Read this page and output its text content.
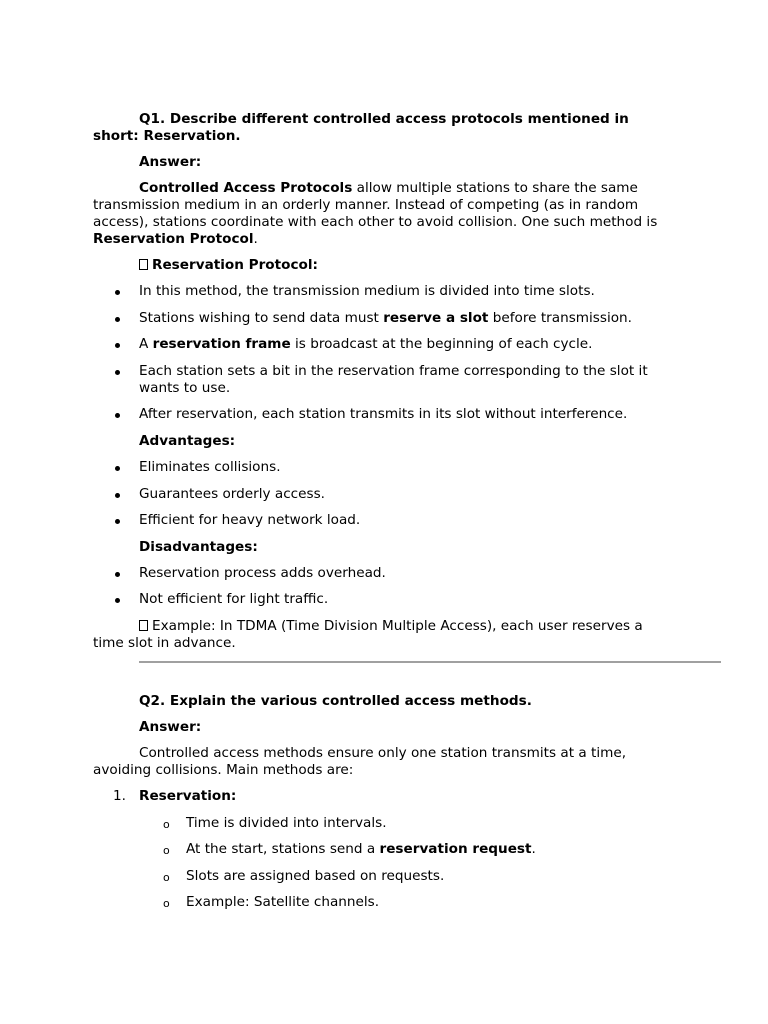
Q1. Describe different controlled access protocols mentioned in short: Reservation.

Answer:

Controlled Access Protocols allow multiple stations to share the same transmission medium in an orderly manner. Instead of competing (as in random access), stations coordinate with each other to avoid collision. One such method is Reservation Protocol.

Reservation Protocol:

In this method, the transmission medium is divided into time slots.
Stations wishing to send data must reserve a slot before transmission.
A reservation frame is broadcast at the beginning of each cycle.
Each station sets a bit in the reservation frame corresponding to the slot it wants to use.
After reservation, each station transmits in its slot without interference.

Advantages:

Eliminates collisions.
Guarantees orderly access.
Efficient for heavy network load.

Disadvantages:

Reservation process adds overhead.
Not efficient for light traffic.

Example: In TDMA (Time Division Multiple Access), each user reserves a time slot in advance.

Q2. Explain the various controlled access methods.

Answer:

Controlled access methods ensure only one station transmits at a time, avoiding collisions. Main methods are:

1. Reservation:
o Time is divided into intervals.
o At the start, stations send a reservation request.
o Slots are assigned based on requests.
o Example: Satellite channels.
